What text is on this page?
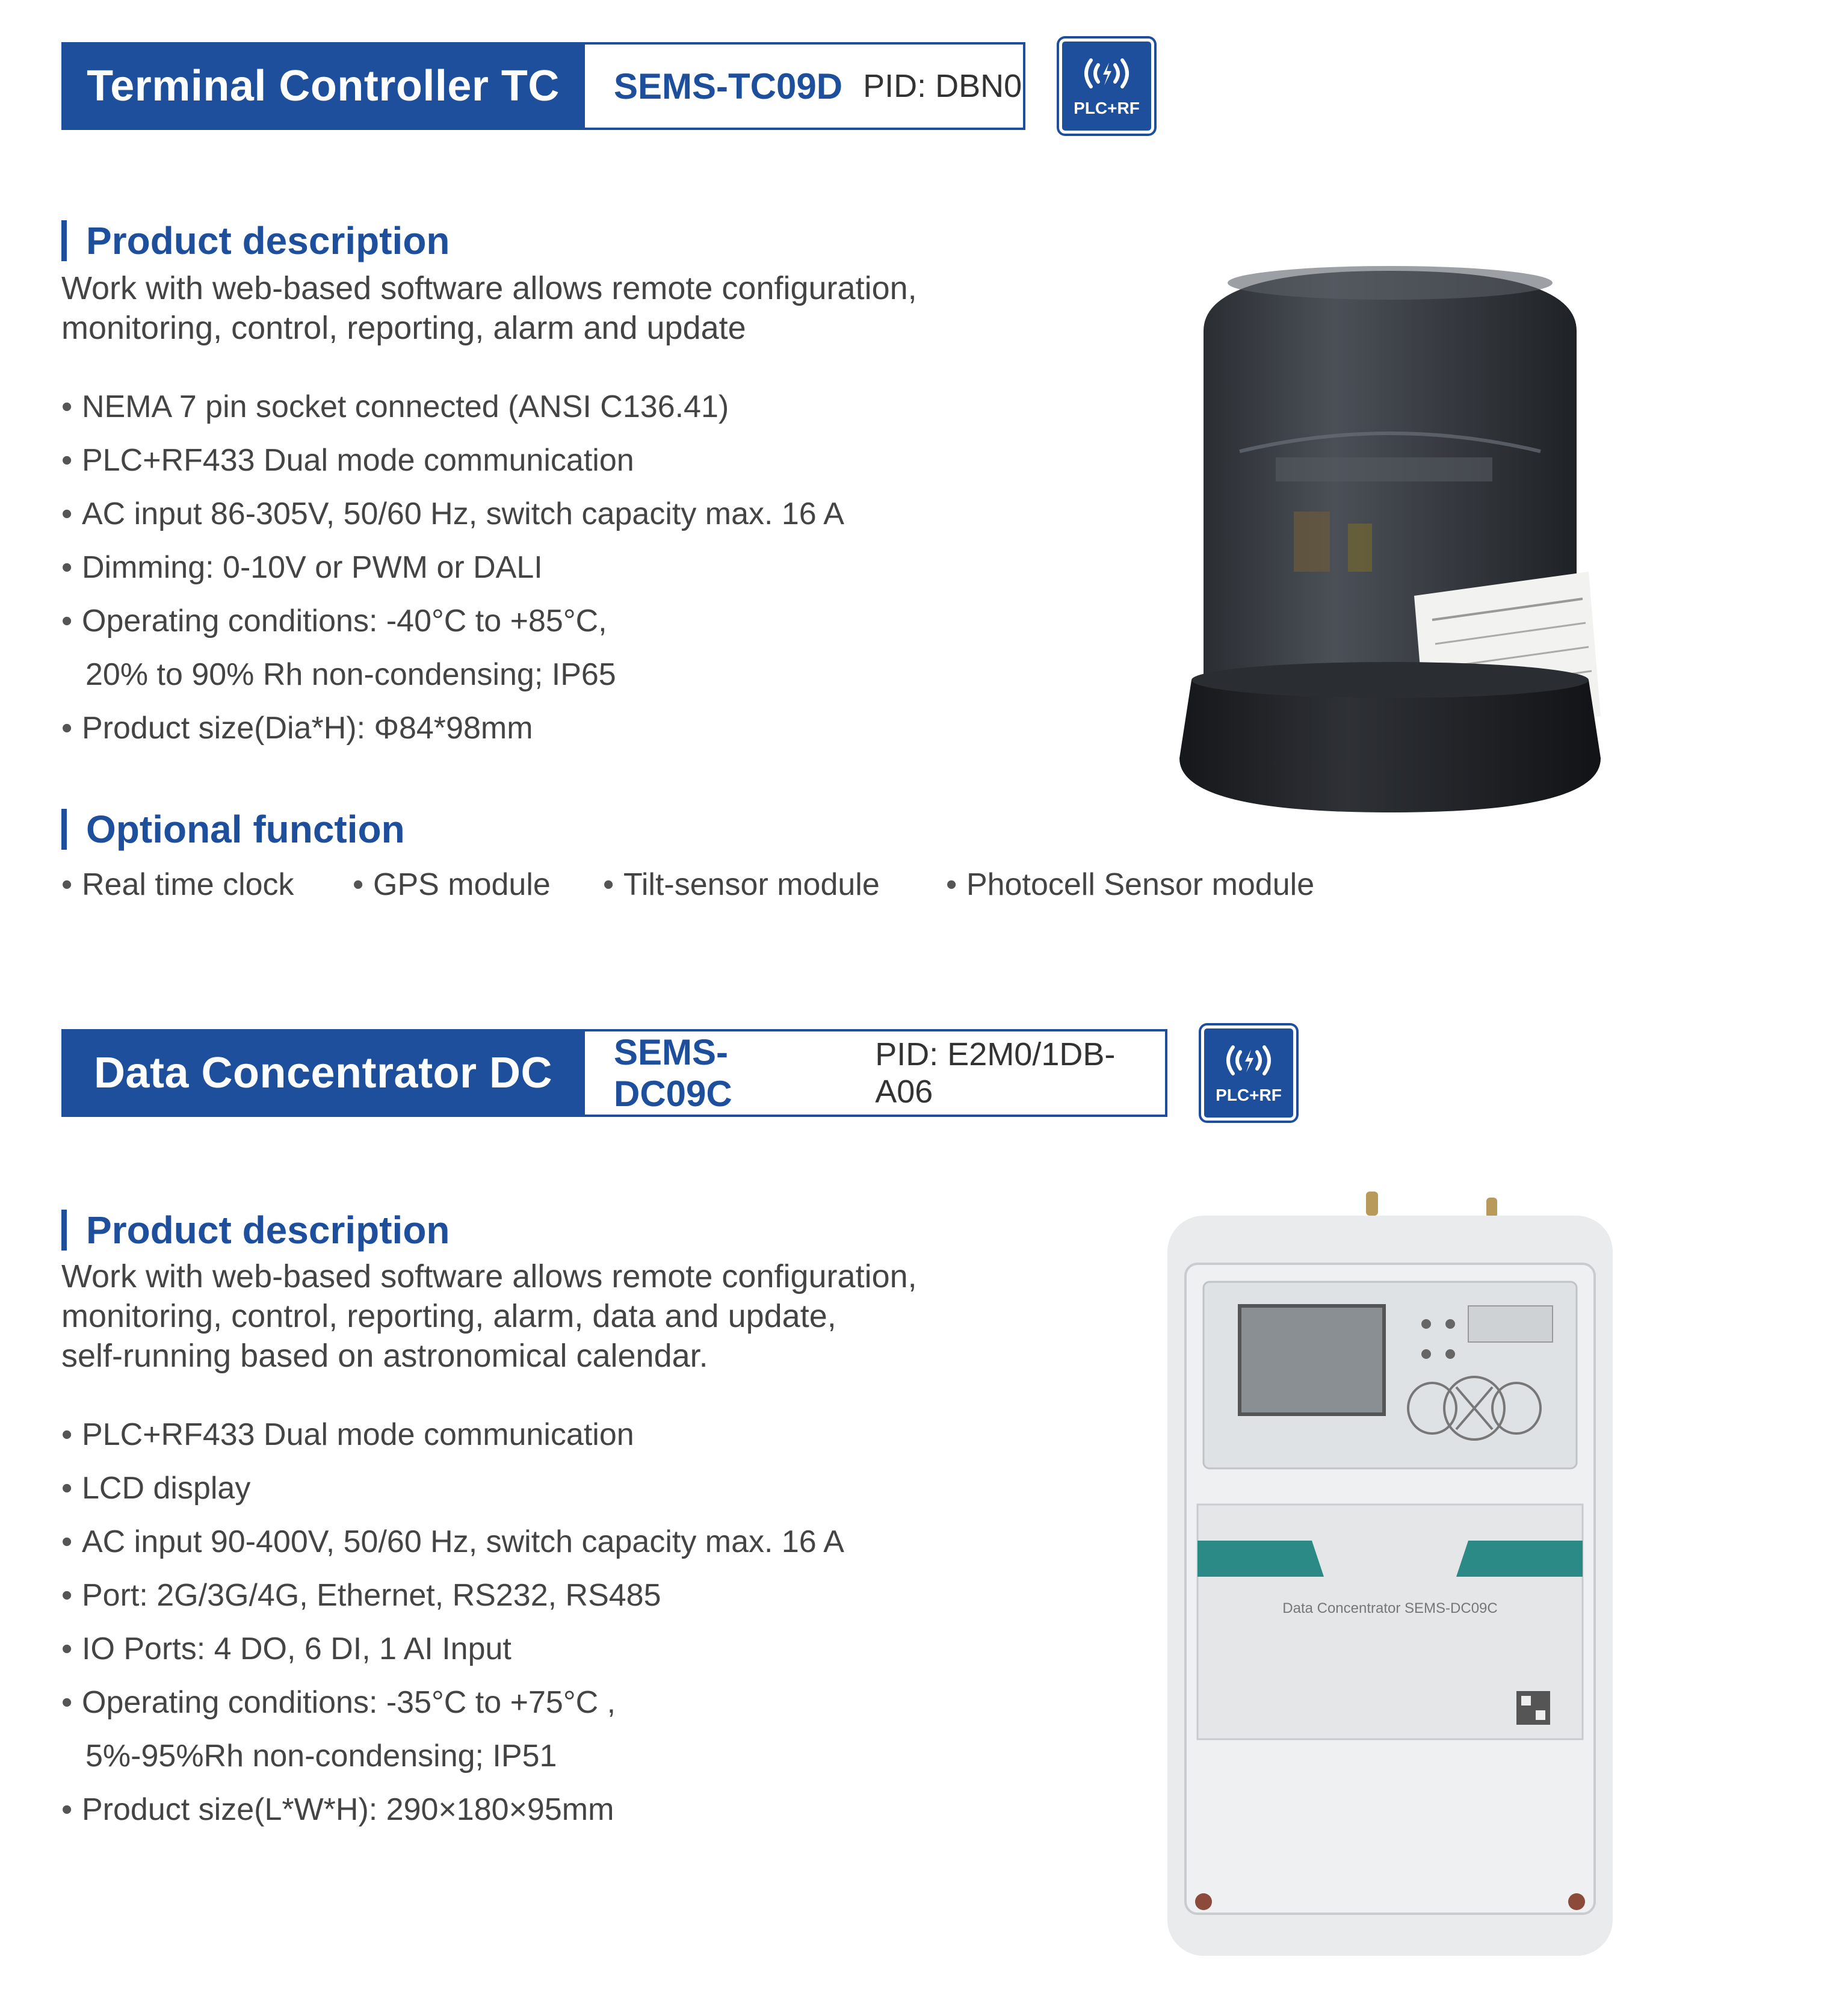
Terminal Controller TC	SEMS-TC09D PID: DBN0
PLC+RF
Product description
Work with web-based software allows remote configuration,
monitoring, control, reporting, alarm and update
• NEMA 7 pin socket connected (ANSI C136.41)
• PLC+RF433 Dual mode communication
• AC input 86-305V, 50/60 Hz, switch capacity max. 16 A
• Dimming: 0-10V or PWM or DALI
• Operating conditions: -40°C to +85°C,
20% to 90% Rh non-condensing; IP65
• Product size(Dia*H): Φ84*98mm
Optional function
• Real time clock • GPS module • Tilt-sensor module • Photocell Sensor module
Data Concentrator DC	SEMS-DC09C
PID: E2M0/1DB-A06	PLC+RF
Product description
Work with web-based software allows remote configuration,
monitoring, control, reporting, alarm, data and update,
self-running based on astronomical calendar.
• PLC+RF433 Dual mode communication
• LCD display
• AC input 90-400V, 50/60 Hz, switch capacity max. 16 A
• Port: 2G/3G/4G, Ethernet, RS232, RS485
• IO Ports: 4 DO, 6 DI, 1 AI Input
• Operating conditions: -35°C to +75°C ,
5%-95%Rh non-condensing; IP51
• Product size(L*W*H): 290×180×95mm
Data Concentrator SEMS-DC09C
